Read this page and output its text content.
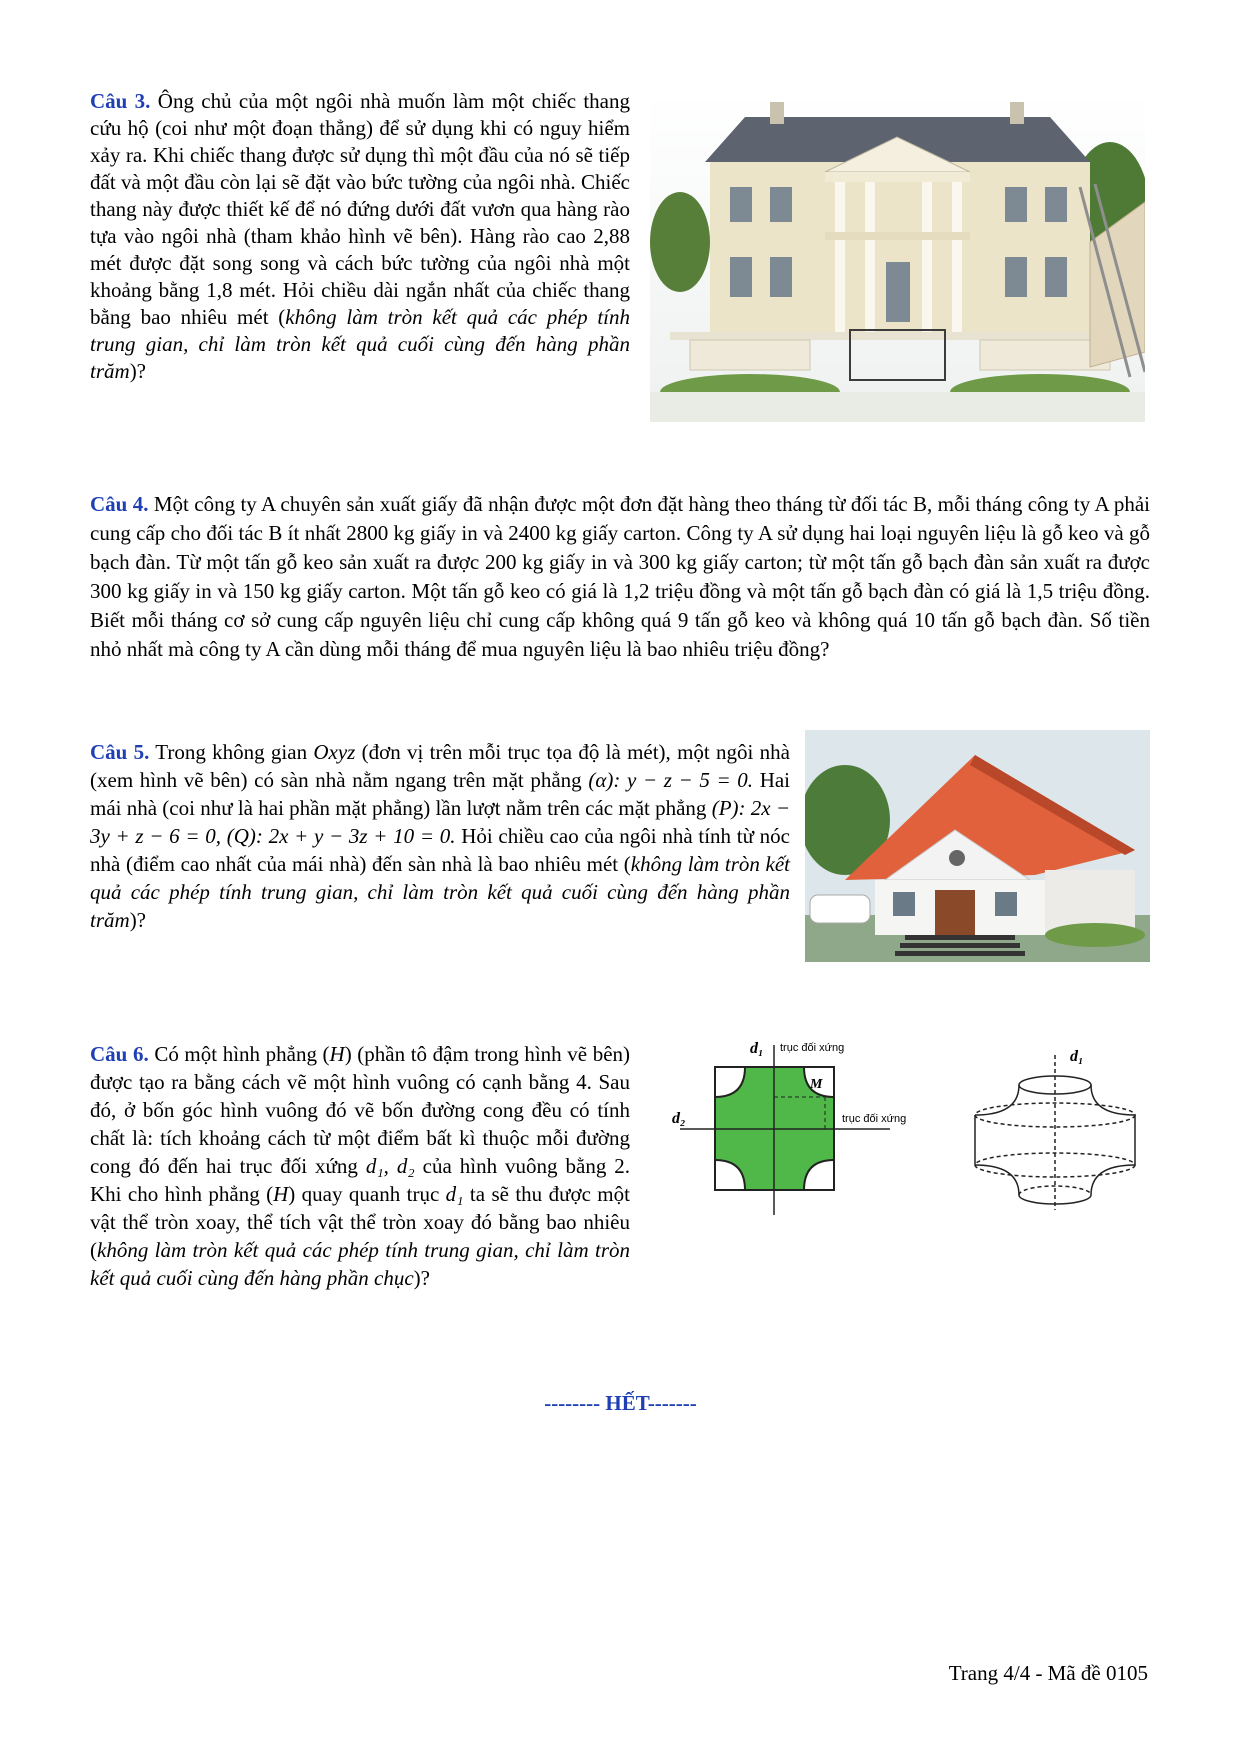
Câu 3. Ông chủ của một ngôi nhà muốn làm một chiếc thang cứu hộ (coi như một đoạn thẳng) để sử dụng khi có nguy hiểm xảy ra. Khi chiếc thang được sử dụng thì một đầu của nó sẽ tiếp đất và một đầu còn lại sẽ đặt vào bức tường của ngôi nhà. Chiếc thang này được thiết kế để nó đứng dưới đất vươn qua hàng rào tựa vào ngôi nhà (tham khảo hình vẽ bên). Hàng rào cao 2,88 mét được đặt song song và cách bức tường của ngôi nhà một khoảng bằng 1,8 mét. Hỏi chiều dài ngắn nhất của chiếc thang bằng bao nhiêu mét (không làm tròn kết quả các phép tính trung gian, chỉ làm tròn kết quả cuối cùng đến hàng phần trăm)?
Câu 4. Một công ty A chuyên sản xuất giấy đã nhận được một đơn đặt hàng theo tháng từ đối tác B, mỗi tháng công ty A phải cung cấp cho đối tác B ít nhất 2800 kg giấy in và 2400 kg giấy carton. Công ty A sử dụng hai loại nguyên liệu là gỗ keo và gỗ bạch đàn. Từ một tấn gỗ keo sản xuất ra được 200 kg giấy in và 300 kg giấy carton; từ một tấn gỗ bạch đàn sản xuất ra được 300 kg giấy in và 150 kg giấy carton. Một tấn gỗ keo có giá là 1,2 triệu đồng và một tấn gỗ bạch đàn có giá là 1,5 triệu đồng. Biết mỗi tháng cơ sở cung cấp nguyên liệu chỉ cung cấp không quá 9 tấn gỗ keo và không quá 10 tấn gỗ bạch đàn. Số tiền nhỏ nhất mà công ty A cần dùng mỗi tháng để mua nguyên liệu là bao nhiêu triệu đồng?
Câu 5. Trong không gian Oxyz (đơn vị trên mỗi trục tọa độ là mét), một ngôi nhà (xem hình vẽ bên) có sàn nhà nằm ngang trên mặt phẳng (α): y − z − 5 = 0. Hai mái nhà (coi như là hai phần mặt phẳng) lần lượt nằm trên các mặt phẳng (P): 2x − 3y + z − 6 = 0, (Q): 2x + y − 3z + 10 = 0. Hỏi chiều cao của ngôi nhà tính từ nóc nhà (điểm cao nhất của mái nhà) đến sàn nhà là bao nhiêu mét (không làm tròn kết quả các phép tính trung gian, chỉ làm tròn kết quả cuối cùng đến hàng phần trăm)?
Câu 6. Có một hình phẳng (H) (phần tô đậm trong hình vẽ bên) được tạo ra bằng cách vẽ một hình vuông có cạnh bằng 4. Sau đó, ở bốn góc hình vuông đó vẽ bốn đường cong đều có tính chất là: tích khoảng cách từ một điểm bất kì thuộc mỗi đường cong đó đến hai trục đối xứng d₁, d₂ của hình vuông bằng 2. Khi cho hình phẳng (H) quay quanh trục d₁ ta sẽ thu được một vật thể tròn xoay, thể tích vật thể tròn xoay đó bằng bao nhiêu (không làm tròn kết quả các phép tính trung gian, chỉ làm tròn kết quả cuối cùng đến hàng phần chục)?
M
d₁ trục đối xứng
d₂	trục đối xứng
d₁
-------- HẾT-------
Trang 4/4 - Mã đề 0105
